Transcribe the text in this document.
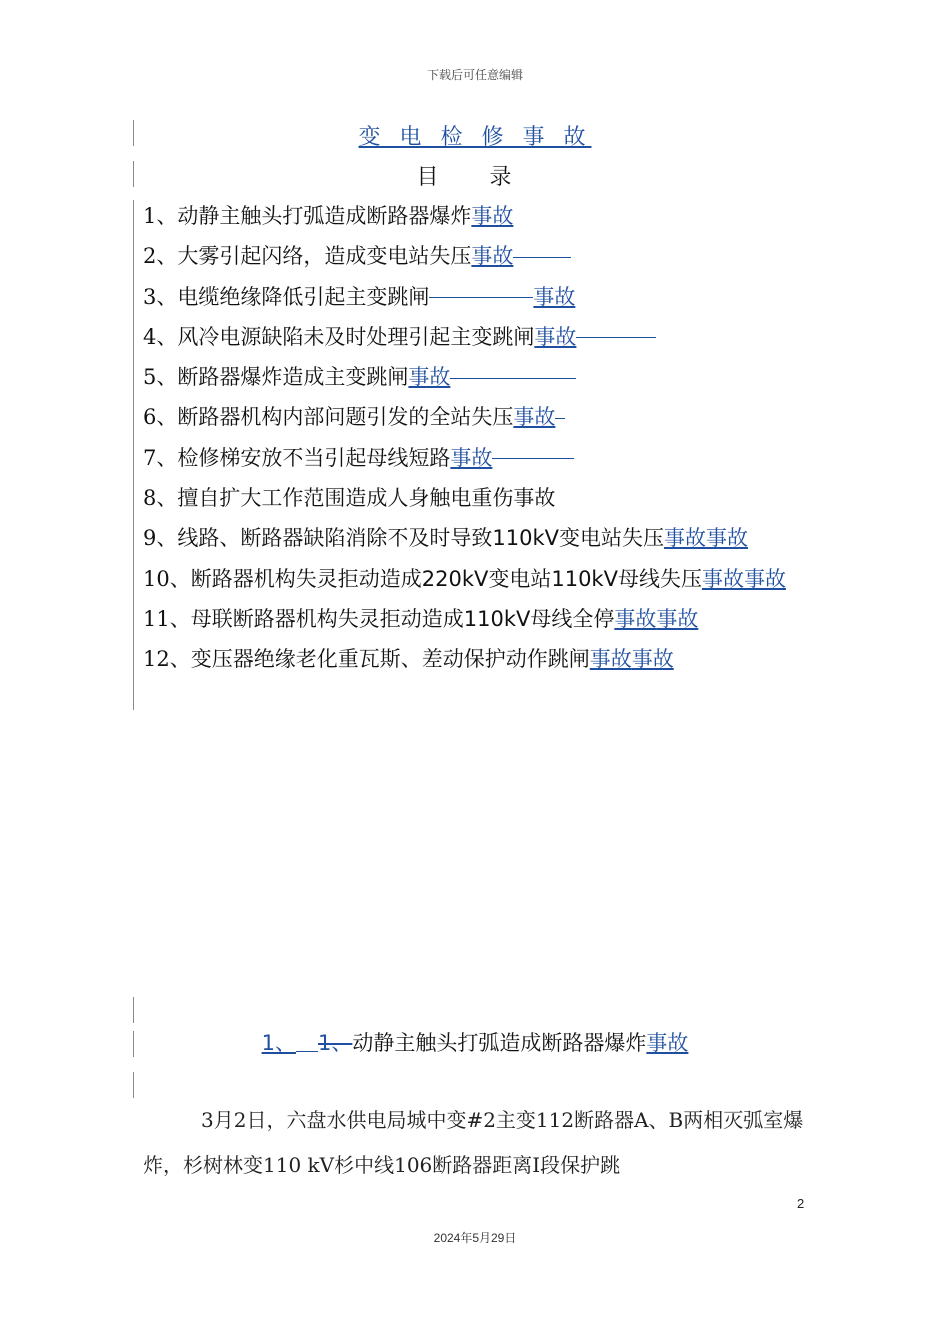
下载后可任意编辑
变 电 检 修 事 故
目 录
1、动静主触头打弧造成断路器爆炸事故
2、大雾引起闪络，造成变电站失压事故
3、电缆绝缘降低引起主变跳闸	事故
4、风冷电源缺陷未及时处理引起主变跳闸事故
5、断路器爆炸造成主变跳闸事故
6、断路器机构内部问题引发的全站失压事故
7、检修梯安放不当引起母线短路事故
8、擅自扩大工作范围造成人身触电重伤事故
9、线路、断路器缺陷消除不及时导致110kV变电站失压事故事故
10、断路器机构失灵拒动造成220kV变电站110kV母线失压事故事故
11、母联断路器机构失灵拒动造成110kV母线全停事故事故
12、变压器绝缘老化重瓦斯、差动保护动作跳闸事故事故
1、 1、动静主触头打弧造成断路器爆炸事故
3月2日，六盘水供电局城中变#2主变112断路器A、B两相灭弧室爆炸，杉树林变110 kV杉中线106断路器距离Ⅰ段保护跳
2
2024年5月29日
